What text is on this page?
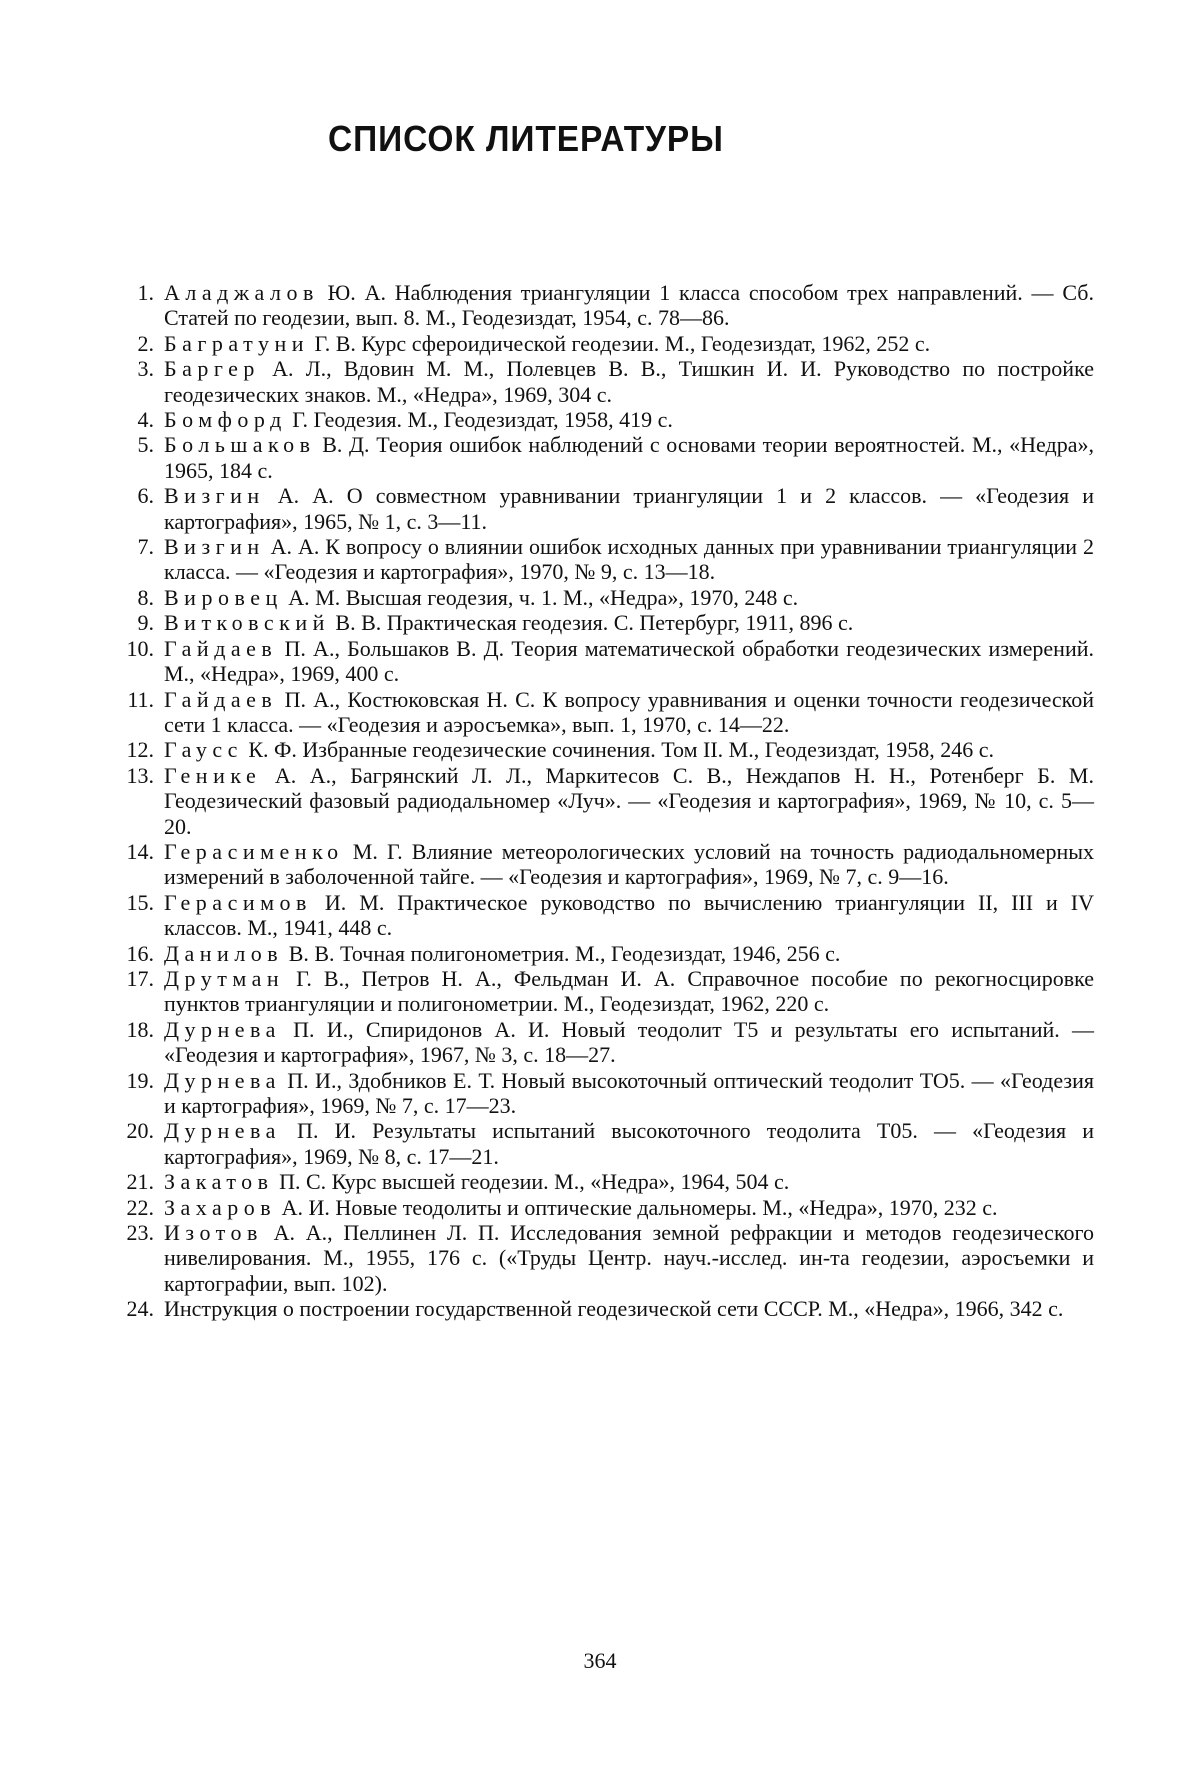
СПИСОК ЛИТЕРАТУРЫ
1. Аладжалов Ю. А. Наблюдения триангуляции 1 класса способом трех направлений. — Сб. Статей по геодезии, вып. 8. М., Геодезиздат, 1954, с. 78—86.
2. Багратуни Г. В. Курс сфероидической геодезии. М., Геодезиздат, 1962, 252 с.
3. Баргер А. Л., Вдовин М. М., Полевцев В. В., Тишкин И. И. Руководство по постройке геодезических знаков. М., «Недра», 1969, 304 с.
4. Бомфорд Г. Геодезия. М., Геодезиздат, 1958, 419 с.
5. Большаков В. Д. Теория ошибок наблюдений с основами теории вероятностей. М., «Недра», 1965, 184 с.
6. Визгин А. А. О совместном уравнивании триангуляции 1 и 2 классов. — «Геодезия и картография», 1965, № 1, с. 3—11.
7. Визгин А. А. К вопросу о влиянии ошибок исходных данных при уравнивании триангуляции 2 класса. — «Геодезия и картография», 1970, № 9, с. 13—18.
8. Вировец А. М. Высшая геодезия, ч. 1. М., «Недра», 1970, 248 с.
9. Витковский В. В. Практическая геодезия. С. Петербург, 1911, 896 с.
10. Гайдаев П. А., Большаков В. Д. Теория математической обработки геодезических измерений. М., «Недра», 1969, 400 с.
11. Гайдаев П. А., Костюковская Н. С. К вопросу уравнивания и оценки точности геодезической сети 1 класса. — «Геодезия и аэросъемка», вып. 1, 1970, с. 14—22.
12. Гаусс К. Ф. Избранные геодезические сочинения. Том II. М., Геодезиздат, 1958, 246 с.
13. Генике А. А., Багрянский Л. Л., Маркитесов С. В., Неждапов Н. Н., Ротенберг Б. М. Геодезический фазовый радиодальномер «Луч». — «Геодезия и картография», 1969, № 10, с. 5—20.
14. Герасименко М. Г. Влияние метеорологических условий на точность радиодальномерных измерений в заболоченной тайге. — «Геодезия и картография», 1969, № 7, с. 9—16.
15. Герасимов И. М. Практическое руководство по вычислению триангуляции II, III и IV классов. М., 1941, 448 с.
16. Данилов В. В. Точная полигонометрия. М., Геодезиздат, 1946, 256 с.
17. Друтман Г. В., Петров Н. А., Фельдман И. А. Справочное пособие по рекогносцировке пунктов триангуляции и полигонометрии. М., Геодезиздат, 1962, 220 с.
18. Дурнева П. И., Спиридонов А. И. Новый теодолит Т5 и результаты его испытаний. — «Геодезия и картография», 1967, № 3, с. 18—27.
19. Дурнева П. И., Здобников Е. Т. Новый высокоточный оптический теодолит ТО5. — «Геодезия и картография», 1969, № 7, с. 17—23.
20. Дурнева П. И. Результаты испытаний высокоточного теодолита Т05. — «Геодезия и картография», 1969, № 8, с. 17—21.
21. Закатов П. С. Курс высшей геодезии. М., «Недра», 1964, 504 с.
22. Захаров А. И. Новые теодолиты и оптические дальномеры. М., «Недра», 1970, 232 с.
23. Изотов А. А., Пеллинен Л. П. Исследования земной рефракции и методов геодезического нивелирования. М., 1955, 176 с. («Труды Центр. науч.-исслед. ин-та геодезии, аэросъемки и картографии, вып. 102).
24. Инструкция о построении государственной геодезической сети СССР. М., «Недра», 1966, 342 с.
364
